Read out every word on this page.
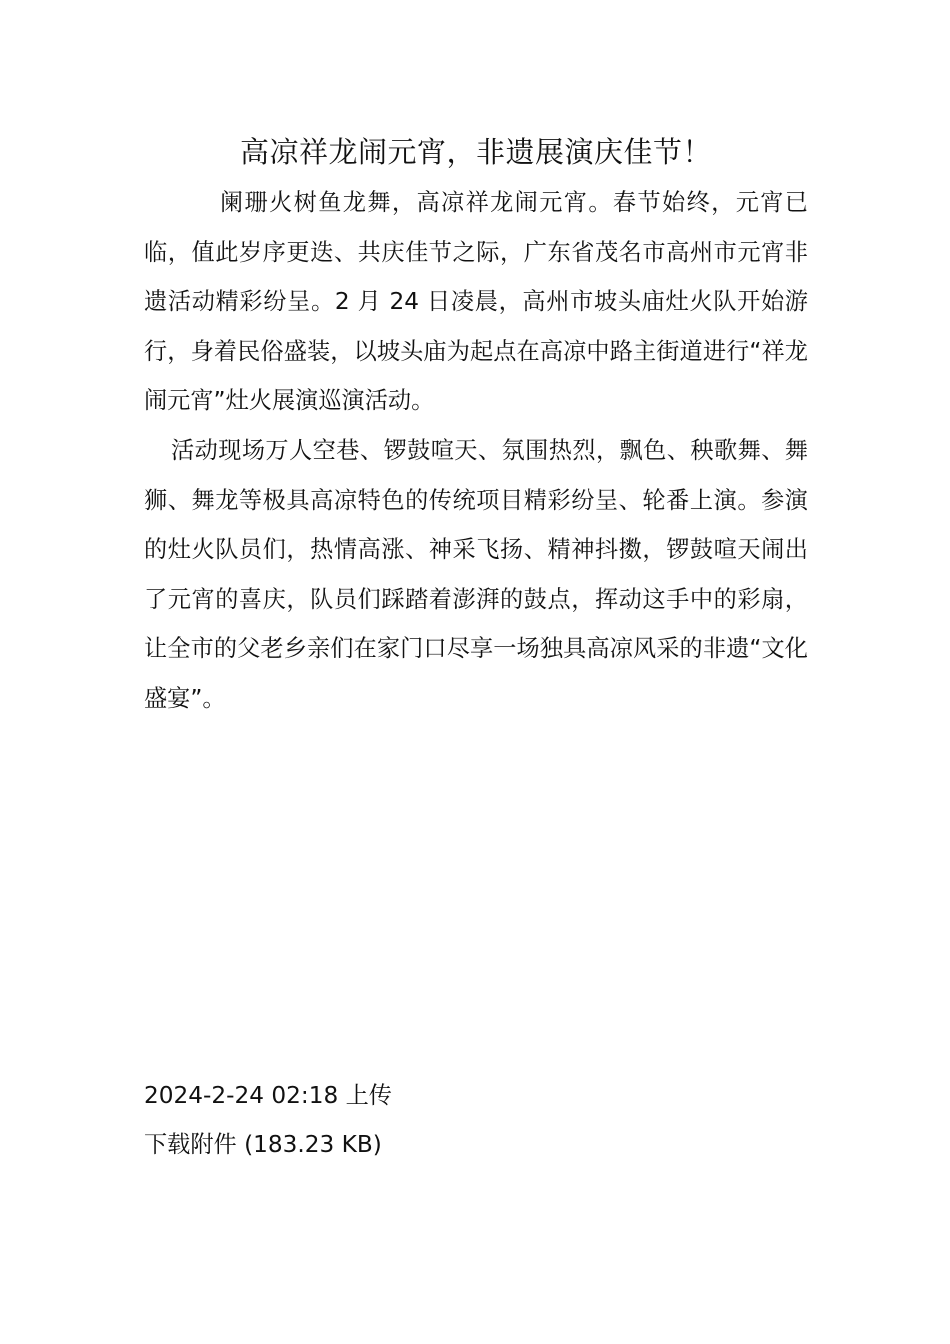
高凉祥龙闹元宵，非遗展演庆佳节！

阑珊火树鱼龙舞，高凉祥龙闹元宵。春节始终，元宵已临，值此岁序更迭、共庆佳节之际，广东省茂名市高州市元宵非遗活动精彩纷呈。2 月 24 日凌晨，高州市坡头庙灶火队开始游行，身着民俗盛装，以坡头庙为起点在高凉中路主街道进行“祥龙闹元宵”灶火展演巡演活动。

活动现场万人空巷、锣鼓喧天、氛围热烈，飘色、秧歌舞、舞狮、舞龙等极具高凉特色的传统项目精彩纷呈、轮番上演。参演的灶火队员们，热情高涨、神采飞扬、精神抖擞，锣鼓喧天闹出了元宵的喜庆，队员们踩踏着澎湃的鼓点，挥动这手中的彩扇，让全市的父老乡亲们在家门口尽享一场独具高凉风采的非遗“文化盛宴”。

2024-2-24 02:18 上传
下载附件 (183.23 KB)
